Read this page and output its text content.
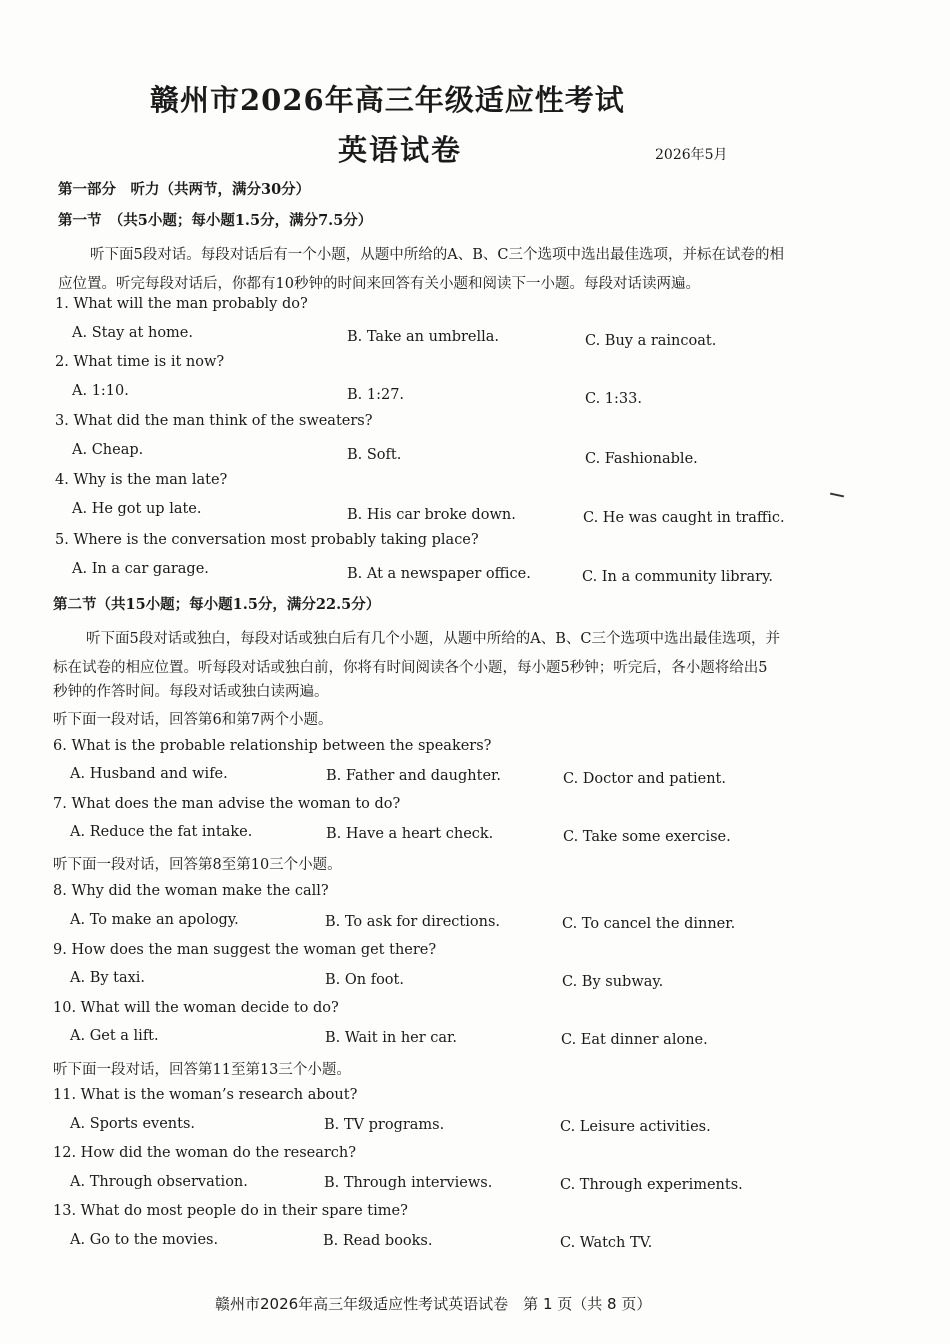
赣州市2026年高三年级适应性考试
英语试卷	2026年5月
第一部分　听力（共两节，满分30分）
第一节　（共5小题；每小题1.5分，满分7.5分）
听下面5段对话。每段对话后有一个小题，从题中所给的A、B、C三个选项中选出最佳选项，并标在试卷的相
应位置。听完每段对话后，你都有10秒钟的时间来回答有关小题和阅读下一小题。每段对话读两遍。
1. What will the man probably do?
A. Stay at home.	B. Take an umbrella.	C. Buy a raincoat.
2. What time is it now?
A. 1:10.	B. 1:27.	C. 1:33.
3. What did the man think of the sweaters?
A. Cheap.	B. Soft.	C. Fashionable.
4. Why is the man late?
A. He got up late.	B. His car broke down.	C. He was caught in traffic.
5. Where is the conversation most probably taking place?
A. In a car garage.	B. At a newspaper office.	C. In a community library.
第二节（共15小题；每小题1.5分，满分22.5分）
听下面5段对话或独白，每段对话或独白后有几个小题，从题中所给的A、B、C三个选项中选出最佳选项，并
标在试卷的相应位置。听每段对话或独白前，你将有时间阅读各个小题，每小题5秒钟；听完后，各小题将给出5
秒钟的作答时间。每段对话或独白读两遍。
听下面一段对话，回答第6和第7两个小题。
6. What is the probable relationship between the speakers?
A. Husband and wife.	B. Father and daughter.	C. Doctor and patient.
7. What does the man advise the woman to do?
A. Reduce the fat intake.	B. Have a heart check.	C. Take some exercise.
听下面一段对话，回答第8至第10三个小题。
8. Why did the woman make the call?
A. To make an apology.	B. To ask for directions.	C. To cancel the dinner.
9. How does the man suggest the woman get there?
A. By taxi.	B. On foot.	C. By subway.
10. What will the woman decide to do?
A. Get a lift.	B. Wait in her car.	C. Eat dinner alone.
听下面一段对话，回答第11至第13三个小题。
11. What is the woman’s research about?
A. Sports events.	B. TV programs.	C. Leisure activities.
12. How did the woman do the research?
A. Through observation.	B. Through interviews.	C. Through experiments.
13. What do most people do in their spare time?
A. Go to the movies.	B. Read books.	C. Watch TV.
赣州市2026年高三年级适应性考试英语试卷　第 1 页（共 8 页）
